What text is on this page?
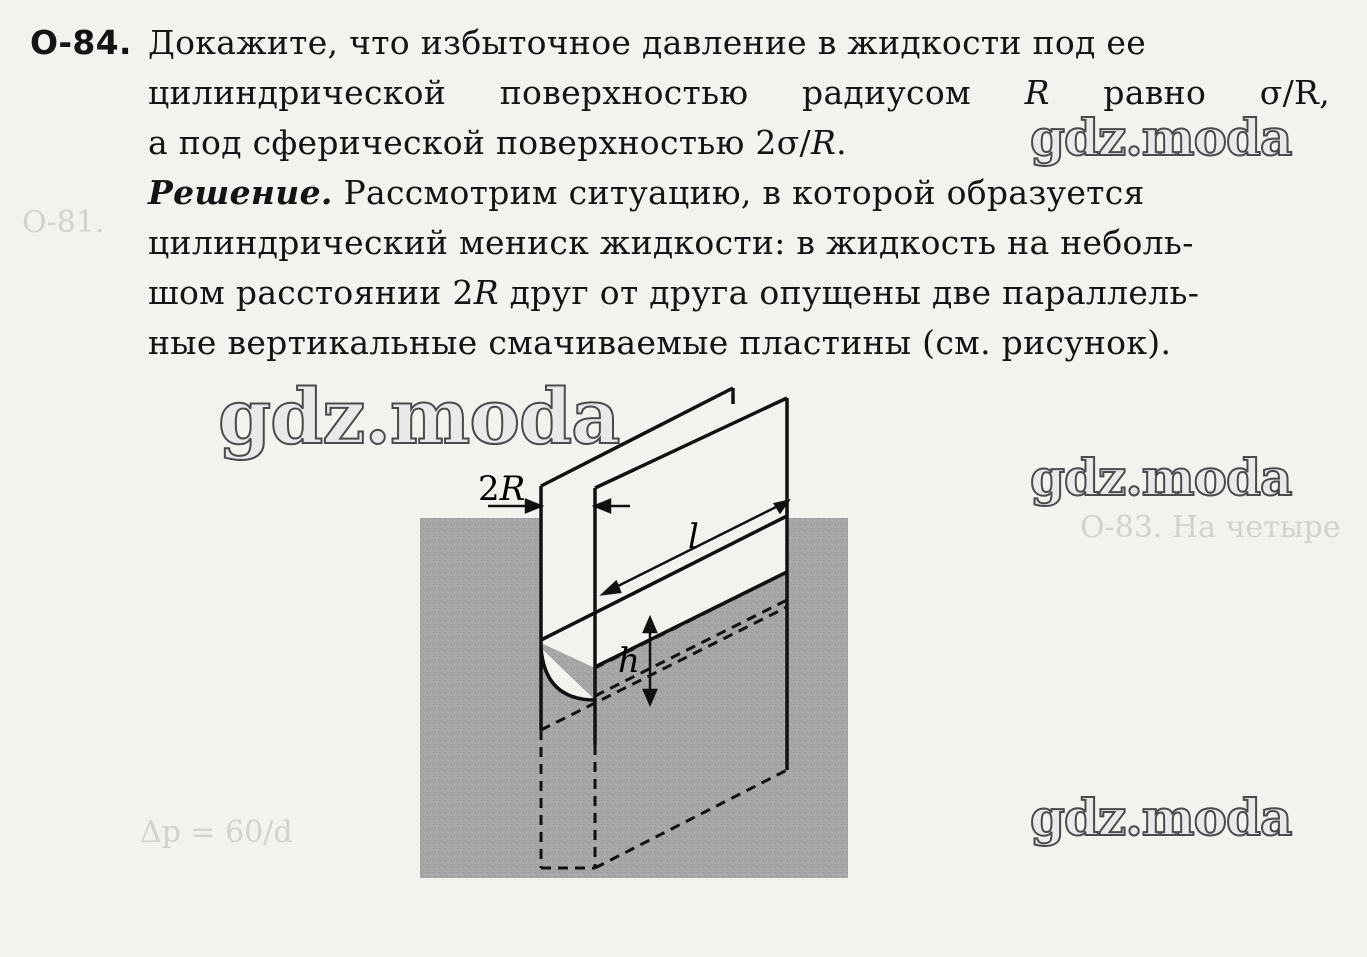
О-81.
О-83. На четыре
Δp = 60/d
О-84. Докажите, что избыточное давление в жидкости под ее
цилиндрической поверхностью радиусом R равно σ/R,
а под сферической поверхностью 2σ/ R .
Решение. Рассмотрим ситуацию, в которой образуется
цилиндрический мениск жидкости: в жидкость на неболь-
шом расстоянии 2 R друг от друга опущены две параллель-
ные вертикальные смачиваемые пластины (см. рисунок).
2R
l
h
gdz.moda
gdz.moda
gdz.moda
gdz.moda
